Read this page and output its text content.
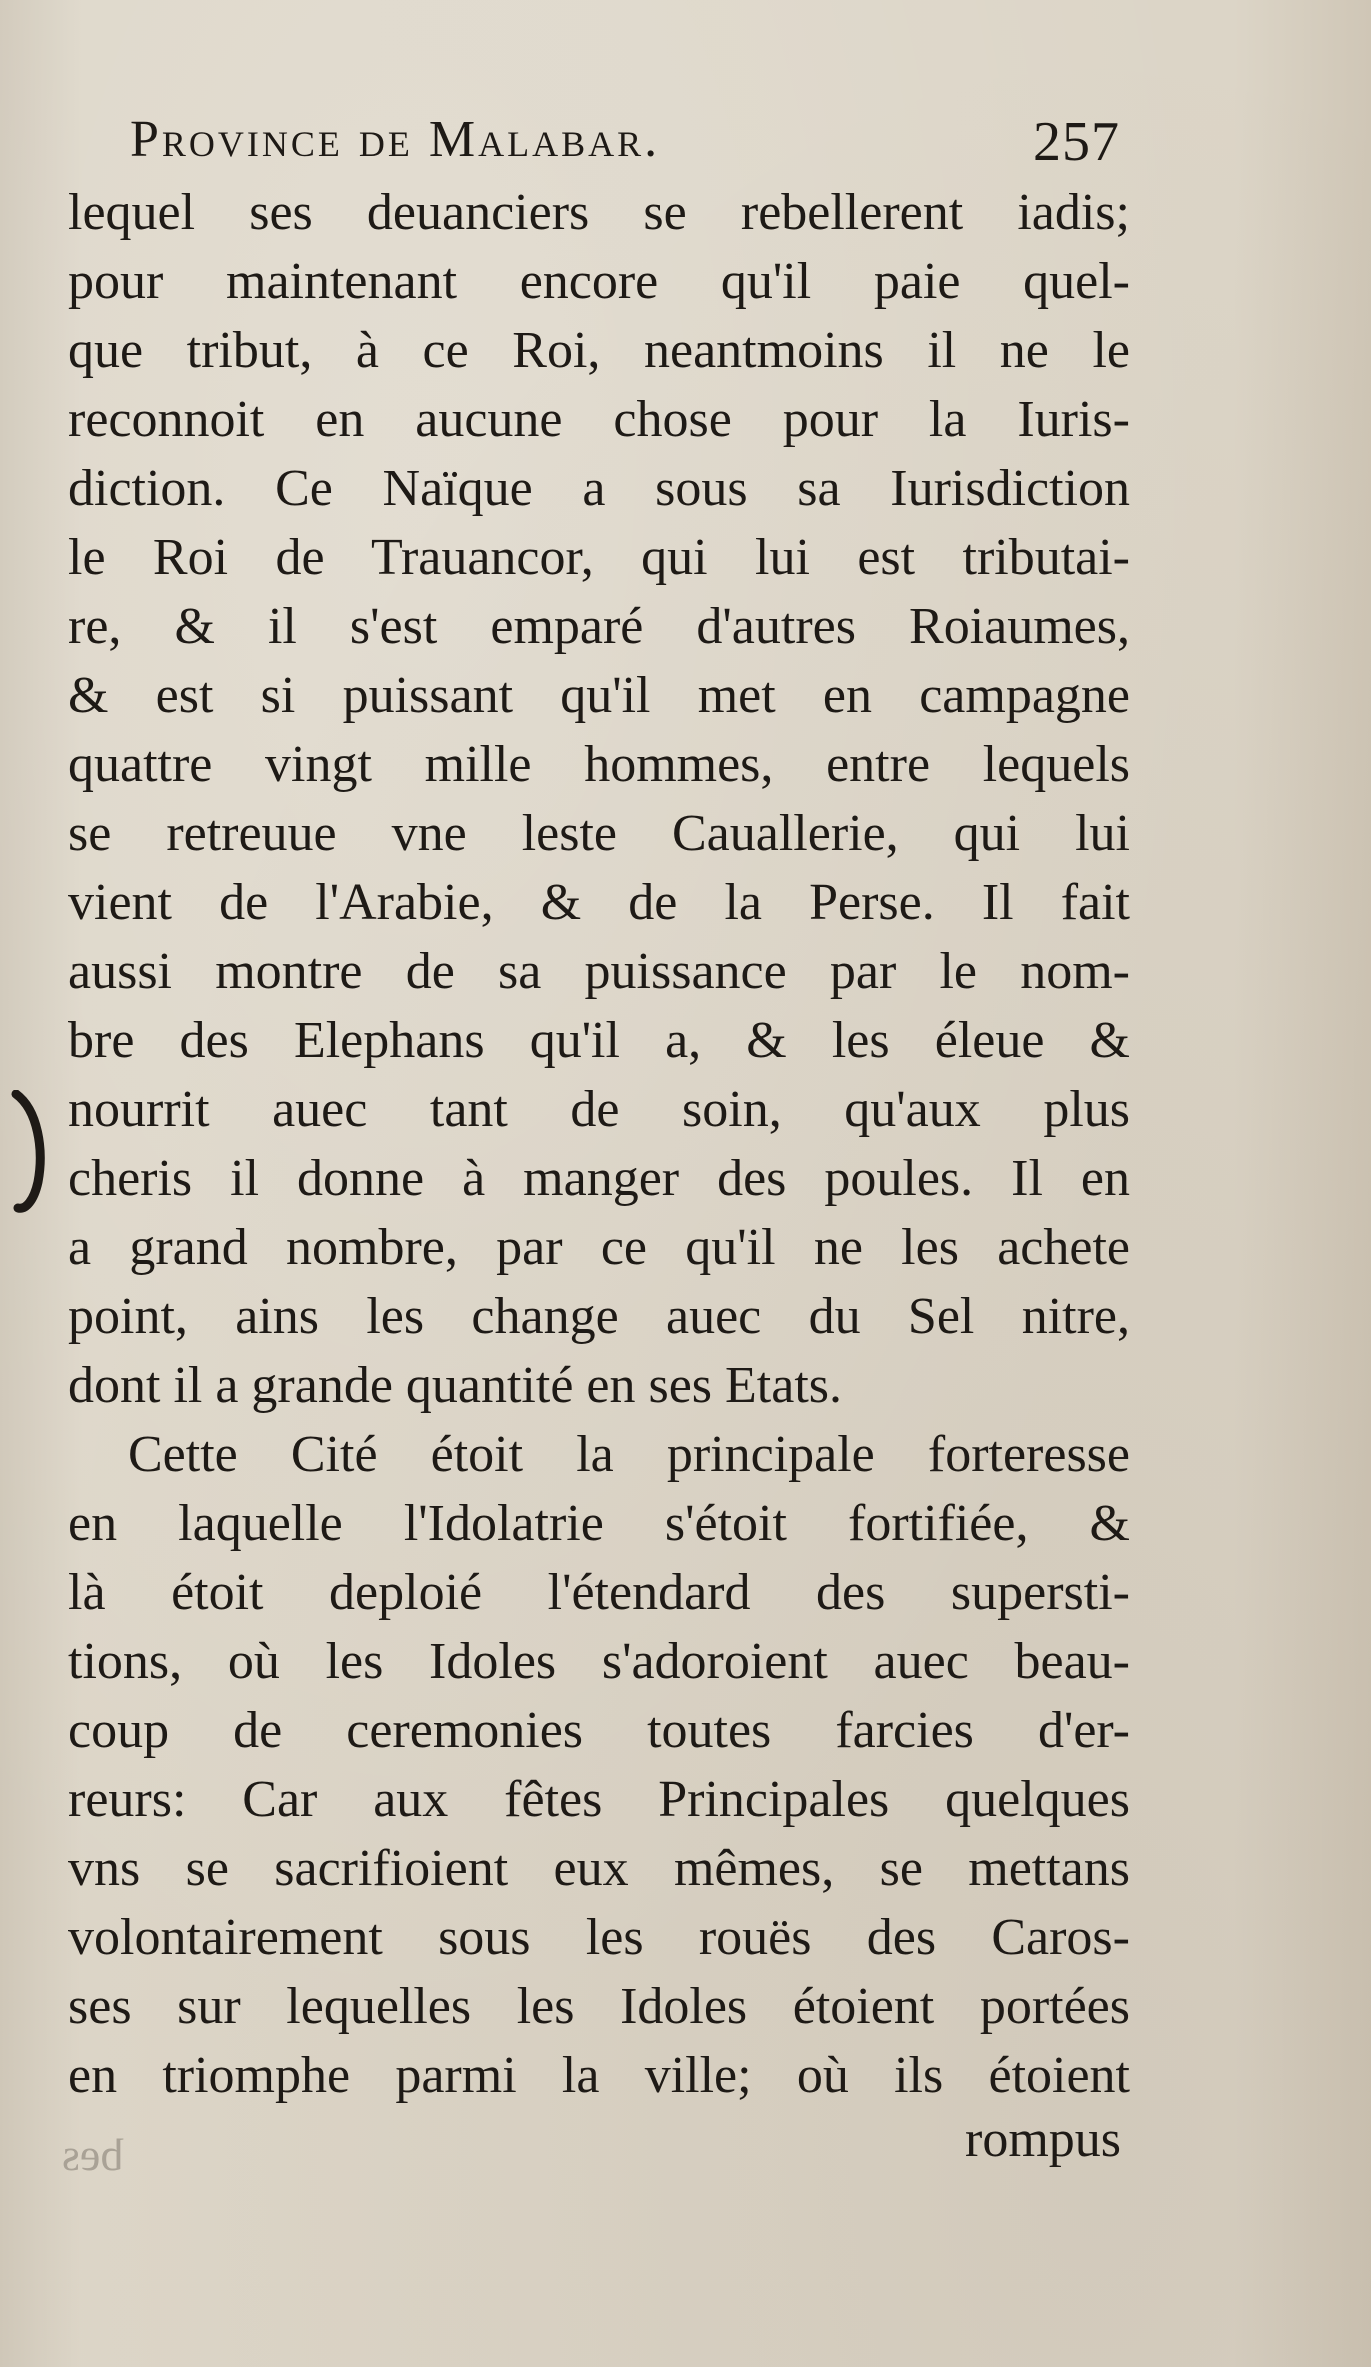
Province de Malabar.	257
lequel ses deuanciers se rebellerent iadis;
pour maintenant encore qu'il paie quel-
que tribut, à ce Roi, neantmoins il ne le
reconnoit en aucune chose pour la Iuris-
diction. Ce Naïque a sous sa Iurisdiction
le Roi de Trauancor, qui lui est tributai-
re, & il s'est emparé d'autres Roiaumes,
& est si puissant qu'il met en campagne
quattre vingt mille hommes, entre lequels
se retreuue vne leste Cauallerie, qui lui
vient de l'Arabie, & de la Perse. Il fait
aussi montre de sa puissance par le nom-
bre des Elephans qu'il a, & les éleue &
nourrit auec tant de soin, qu'aux plus
cheris il donne à manger des poules. Il en
a grand nombre, par ce qu'il ne les achete
point, ains les change auec du Sel nitre,
dont il a grande quantité en ses Etats.
Cette Cité étoit la principale forteresse
en laquelle l'Idolatrie s'étoit fortifiée, &
là étoit deploié l'étendard des supersti-
tions, où les Idoles s'adoroient auec beau-
coup de ceremonies toutes farcies d'er-
reurs: Car aux fêtes Principales quelques
vns se sacrifioient eux mêmes, se mettans
volontairement sous les rouës des Caros-
ses sur lequelles les Idoles étoient portées
en triomphe parmi la ville; où ils étoient
bes	rompus
